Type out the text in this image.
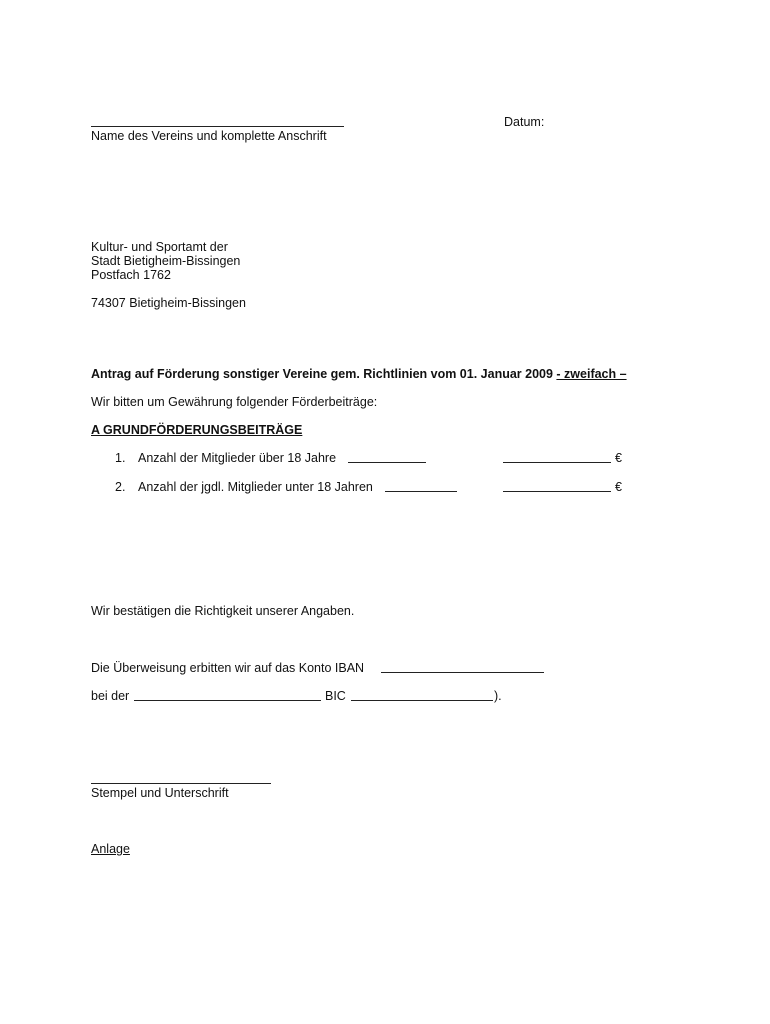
Name des Vereins und komplette Anschrift
Datum:
Kultur- und Sportamt der
Stadt Bietigheim-Bissingen
Postfach 1762
74307 Bietigheim-Bissingen
Antrag auf Förderung sonstiger Vereine gem. Richtlinien vom 01. Januar 2009 - zweifach –
Wir bitten um Gewährung folgender Förderbeiträge:
A GRUNDFÖRDERUNGSBEITRÄGE
1. Anzahl der Mitglieder über 18 Jahre	€
2. Anzahl der jgdl. Mitglieder unter 18 Jahren	€
Wir bestätigen die Richtigkeit unserer Angaben.
Die Überweisung erbitten wir auf das Konto IBAN
bei der	BIC	).
Stempel und Unterschrift
Anlage
